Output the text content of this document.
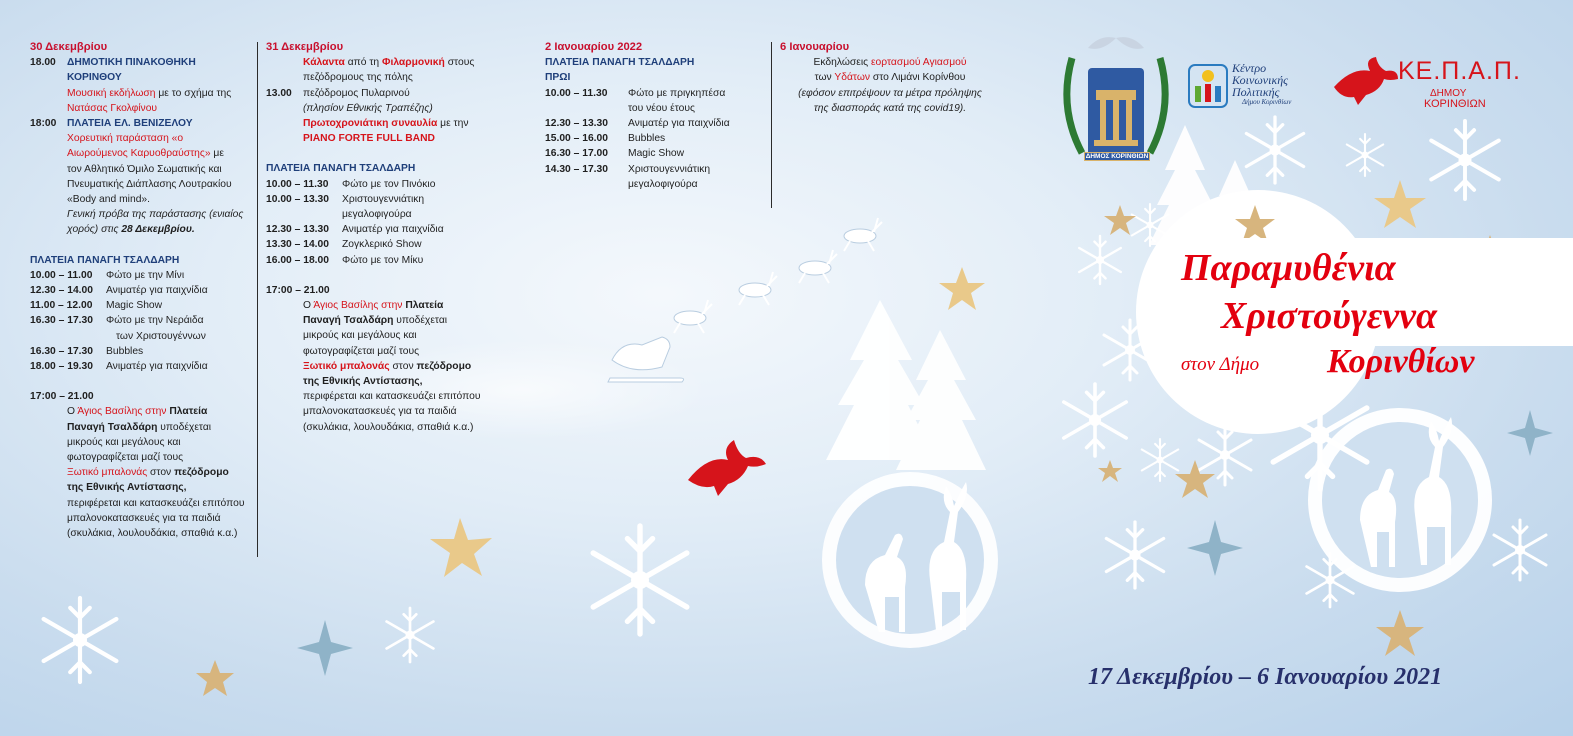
ΔΗΜΟΣ ΚΟΡΙΝΘΙΩΝ
Κέντρο
Κοινωνικής
Πολιτικής
Δήμου Κορινθίων
ΚΕ.Π.Α.Π.
ΔΗΜΟΥ
ΚΟΡΙΝΘΙΩΝ
Παραμυθένια
Χριστούγεννα
στον Δήμο Κορινθίων
17 Δεκεμβρίου – 6 Ιανουαρίου 2021

30 Δεκεμβρίου

18.00	ΔΗΜΟΤΙΚΗ ΠΙΝΑΚΟΘΗΚΗ

ΚΟΡΙΝΘΟΥ

Μουσική εκδήλωση με το σχήμα της

Νατάσας Γκολφίνου

18:00	ΠΛΑΤΕΙΑ ΕΛ. ΒΕΝΙΖΕΛΟΥ

Χορευτική παράσταση «ο

Αιωρούμενος Καρυοθραύστης» με

τον Αθλητικό Όμιλο Σωματικής και

Πνευματικής Διάπλασης Λουτρακίου

«Body and mind».

Γενική πρόβα της παράστασης (ενιαίος

χορός) στις 28 Δεκεμβρίου.

ΠΛΑΤΕΙΑ ΠΑΝΑΓΗ ΤΣΑΛΔΑΡΗ

10.00 – 11.00	Φώτο με την Μίνι
12.30 – 14.00	Ανιματέρ για παιχνίδια
11.00 – 12.00	Magic Show
16.30 – 17.30	Φώτο με την Νεράιδα
των Χριστουγέννων
16.30 – 17.30	Bubbles
18.00 – 19.30	Ανιματέρ για παιχνίδια

17:00 – 21.00

Ο Άγιος Βασίλης στην Πλατεία

Παναγή Τσαλδάρη υποδέχεται

μικρούς και μεγάλους και

φωτογραφίζεται μαζί τους

Ξωτικό μπαλονάς στον πεζόδρομο

της Εθνικής Αντίστασης,

περιφέρεται και κατασκευάζει επιτόπου

μπαλονοκατασκευές για τα παιδιά

(σκυλάκια, λουλουδάκια, σπαθιά κ.α.)

31 Δεκεμβρίου

Κάλαντα από τη Φιλαρμονική στους

πεζόδρομους της πόλης

13.00	πεζόδρομος Πυλαρινού

(πλησίον Εθνικής Τραπέζης)

Πρωτοχρονιάτικη συναυλία με την

PIANO FORTE FULL BAND

ΠΛΑΤΕΙΑ ΠΑΝΑΓΗ ΤΣΑΛΔΑΡΗ

10.00 – 11.30	Φώτο με τον Πινόκιο
10.00 – 13.30	Χριστουγεννιάτικη
μεγαλοφιγούρα
12.30 – 13.30	Ανιματέρ για παιχνίδια
13.30 – 14.00	Ζογκλερικό Show
16.00 – 18.00	Φώτο με τον Μίκυ

17:00 – 21.00

Ο Άγιος Βασίλης στην Πλατεία

Παναγή Τσαλδάρη υποδέχεται

μικρούς και μεγάλους και

φωτογραφίζεται μαζί τους

Ξωτικό μπαλονάς στον πεζόδρομο

της Εθνικής Αντίστασης,

περιφέρεται και κατασκευάζει επιτόπου

μπαλονοκατασκευές για τα παιδιά

(σκυλάκια, λουλουδάκια, σπαθιά κ.α.)

2 Ιανουαρίου 2022

ΠΛΑΤΕΙΑ ΠΑΝΑΓΗ ΤΣΑΛΔΑΡΗ

ΠΡΩΙ

10.00 – 11.30	Φώτο με πριγκηπέσα
του νέου έτους
12.30 – 13.30	Ανιματέρ για παιχνίδια
15.00 – 16.00	Bubbles
16.30 – 17.00	Magic Show
14.30 – 17.30	Χριστουγεννιάτικη
μεγαλοφιγούρα

6 Ιανουαρίου

Εκδηλώσεις εορτασμού Αγιασμού

των Υδάτων στο Λιμάνι Κορίνθου

(εφόσον επιτρέψουν τα μέτρα πρόληψης

της διασποράς κατά της covid19).
